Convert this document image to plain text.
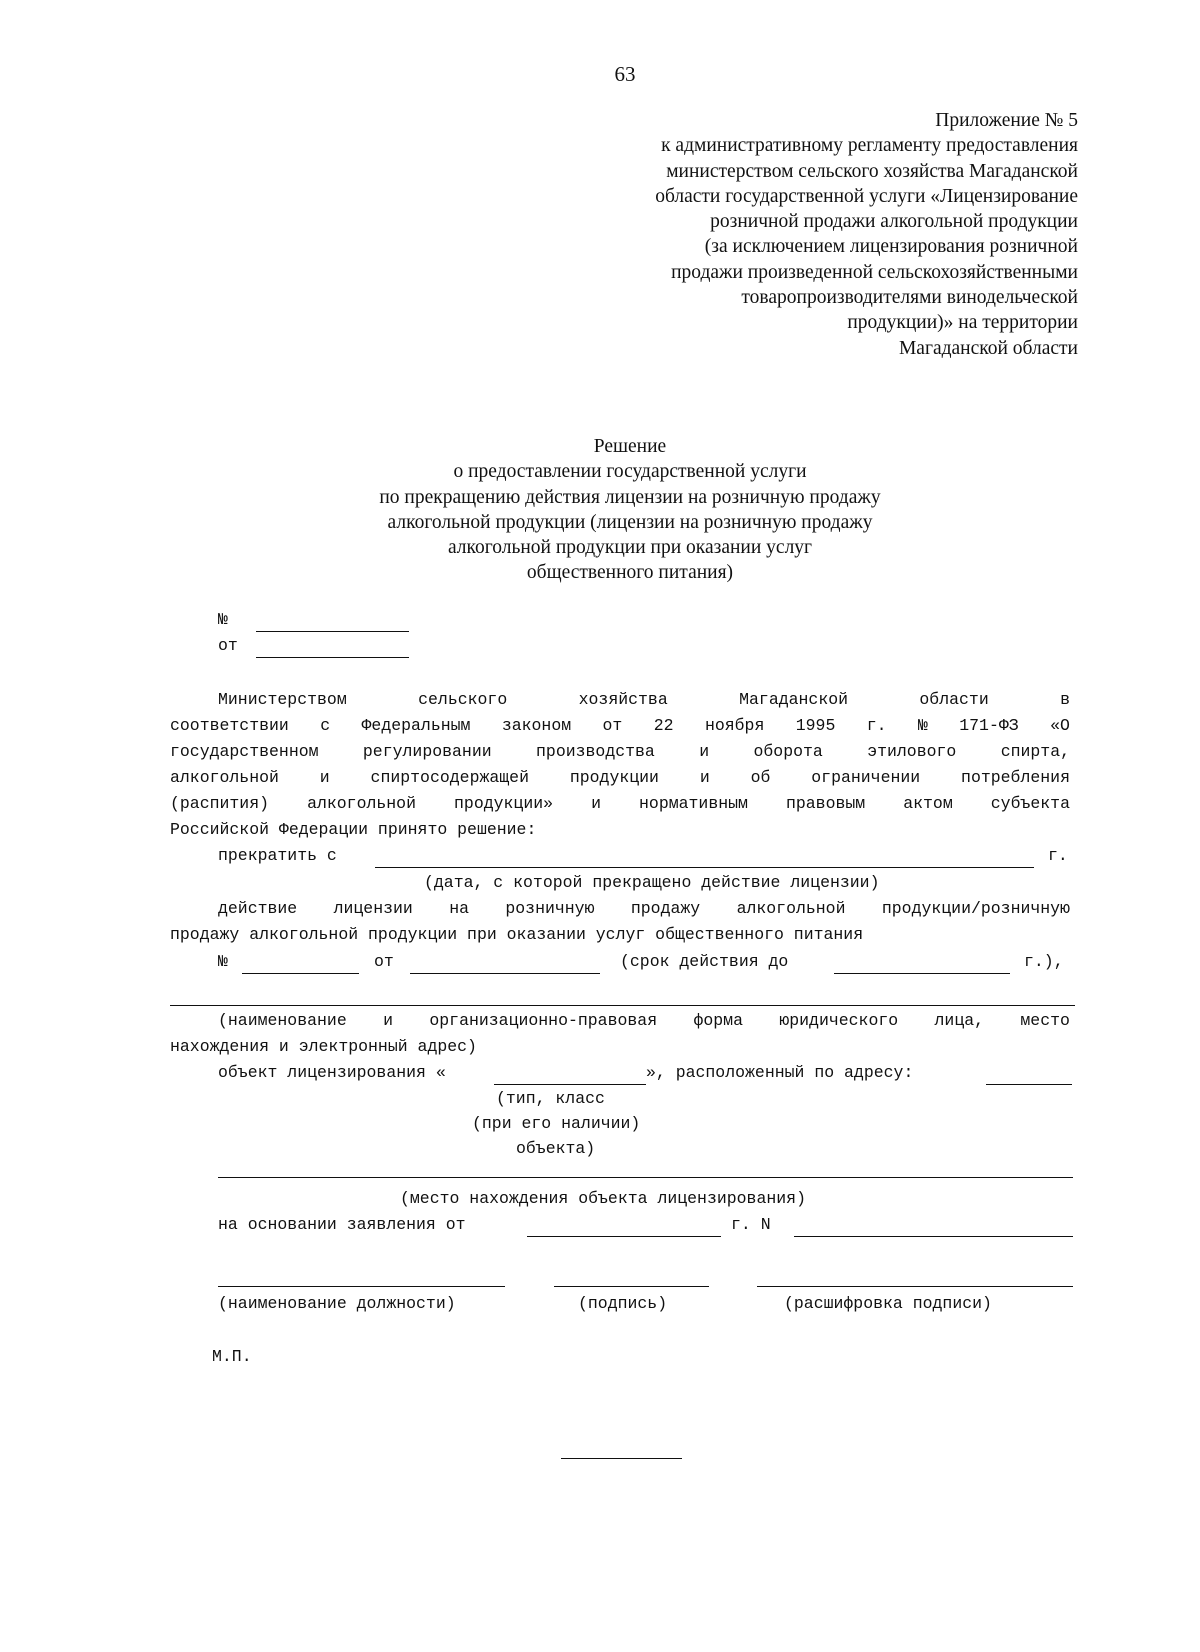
63
Приложение № 5
к административному регламенту предоставления
министерством сельского хозяйства Магаданской
области государственной услуги «Лицензирование
розничной продажи алкогольной продукции
(за исключением лицензирования розничной
продажи произведенной сельскохозяйственными
товаропроизводителями винодельческой
продукции)» на территории
Магаданской области
Решение
о предоставлении государственной услуги
по прекращению действия лицензии на розничную продажу
алкогольной продукции (лицензии на розничную продажу
алкогольной продукции при оказании услуг
общественного питания)
№
от
Министерством	сельского	хозяйства	Магаданской	области	в
соответствии с Федеральным законом от 22 ноября 1995 г. № 171-ФЗ «О
государственном	регулировании	производства	и	оборота	этилового	спирта,
алкогольной и спиртосодержащей продукции и об ограничении потребления
(распития) алкогольной продукции» и нормативным правовым актом субъекта
Российской Федерации принято решение:
прекратить с	г.
(дата, с которой прекращено действие лицензии)
действие лицензии на розничную продажу алкогольной продукции/розничную
продажу алкогольной продукции при оказании услуг общественного питания
№	от	(срок действия до	г.),
(наименование и организационно-правовая форма юридического лица, место
нахождения и электронный адрес)
объект лицензирования «	», расположенный по адресу:
(тип, класс
(при его наличии)
объекта)
(место нахождения объекта лицензирования)
на основании заявления от	г. N
(наименование должности)	(подпись)	(расшифровка подписи)
М.П.
